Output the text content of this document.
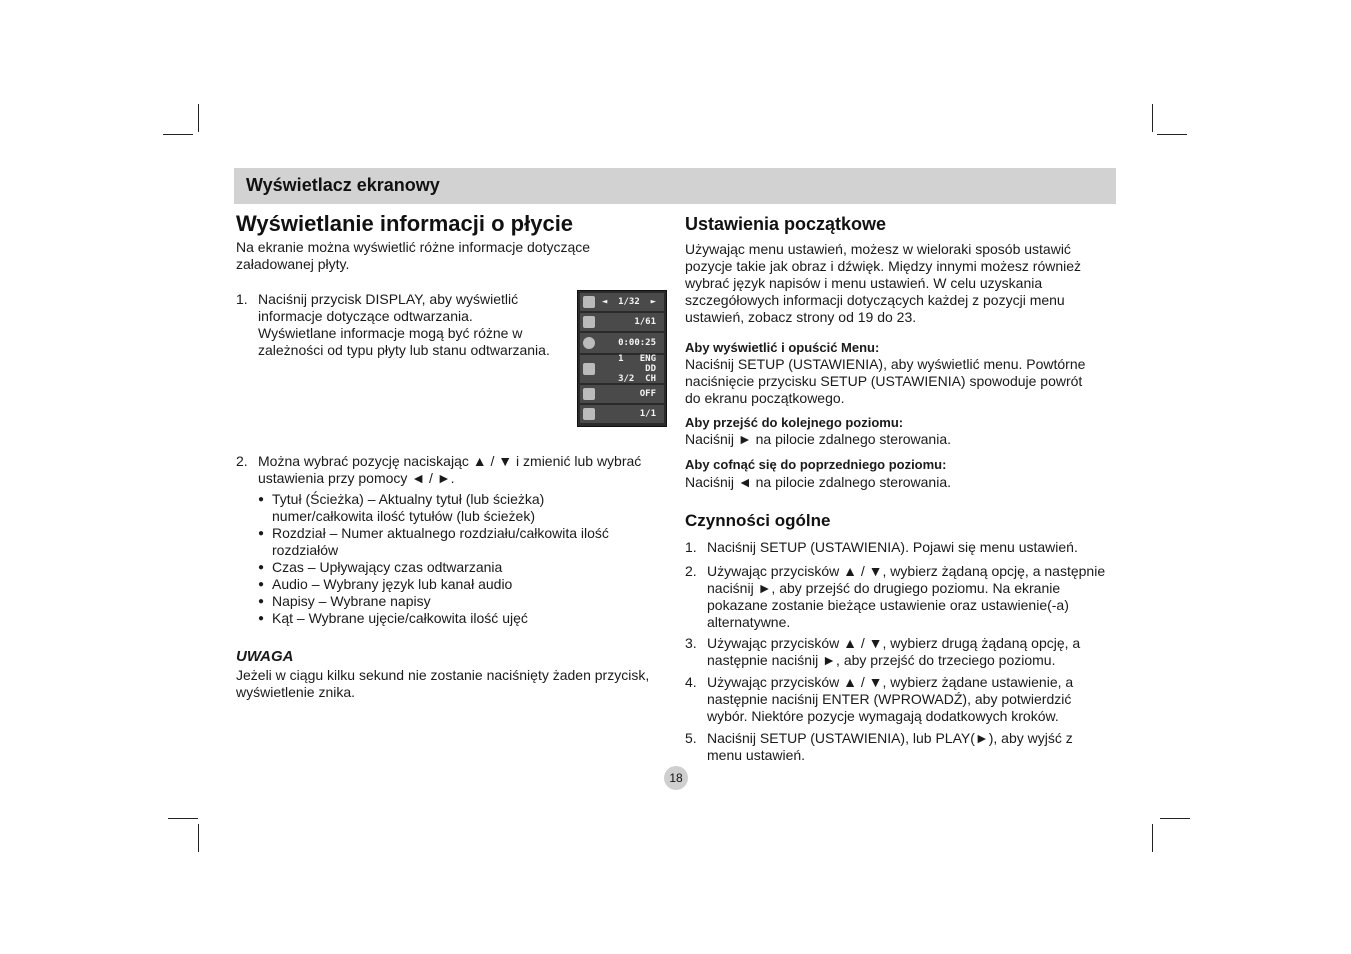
Wyświetlacz ekranowy
Wyświetlanie informacji o płycie
Na ekranie można wyświetlić różne informacje dotyczące
załadowanej płyty.
1. Naciśnij przycisk DISPLAY, aby wyświetlić
informacje dotyczące odtwarzania.
Wyświetlane informacje mogą być różne w
zależności od typu płyty lub stanu odtwarzania.
2. Można wybrać pozycję naciskając ▲ / ▼ i zmienić lub wybrać
ustawienia przy pomocy ◄ / ►.
● Tytuł (Ścieżka) – Aktualny tytuł (lub ścieżka)
numer/całkowita ilość tytułów (lub ścieżek)
● Rozdział – Numer aktualnego rozdziału/całkowita ilość
rozdziałów
● Czas – Upływający czas odtwarzania
● Audio – Wybrany język lub kanał audio
● Napisy – Wybrane napisy
● Kąt – Wybrane ujęcie/całkowita ilość ujęć
UWAGA
Jeżeli w ciągu kilku sekund nie zostanie naciśnięty żaden przycisk,
wyświetlenie znika.
◄  1/32  ►
1/61
0:00:25
1   ENG
DD
3/2  CH
OFF
1/1
Ustawienia początkowe
Używając menu ustawień, możesz w wieloraki sposób ustawić
pozycje takie jak obraz i dźwięk. Między innymi możesz również
wybrać język napisów i menu ustawień. W celu uzyskania
szczegółowych informacji dotyczących każdej z pozycji menu
ustawień, zobacz strony od 19 do 23.
Aby wyświetlić i opuścić Menu:
Naciśnij SETUP (USTAWIENIA), aby wyświetlić menu. Powtórne
naciśnięcie przycisku SETUP (USTAWIENIA) spowoduje powrót
do ekranu początkowego.
Aby przejść do kolejnego poziomu:
Naciśnij ► na pilocie zdalnego sterowania.
Aby cofnąć się do poprzedniego poziomu:
Naciśnij ◄ na pilocie zdalnego sterowania.
Czynności ogólne
1. Naciśnij SETUP (USTAWIENIA). Pojawi się menu ustawień.
2. Używając przycisków ▲ / ▼, wybierz żądaną opcję, a następnie
naciśnij ►, aby przejść do drugiego poziomu. Na ekranie
pokazane zostanie bieżące ustawienie oraz ustawienie(-a)
alternatywne.
3. Używając przycisków ▲ / ▼, wybierz drugą żądaną opcję, a
następnie naciśnij ►, aby przejść do trzeciego poziomu.
4. Używając przycisków ▲ / ▼, wybierz żądane ustawienie, a
następnie naciśnij ENTER (WPROWADŹ), aby potwierdzić
wybór. Niektóre pozycje wymagają dodatkowych kroków.
5. Naciśnij SETUP (USTAWIENIA), lub PLAY(►), aby wyjść z
menu ustawień.
18
